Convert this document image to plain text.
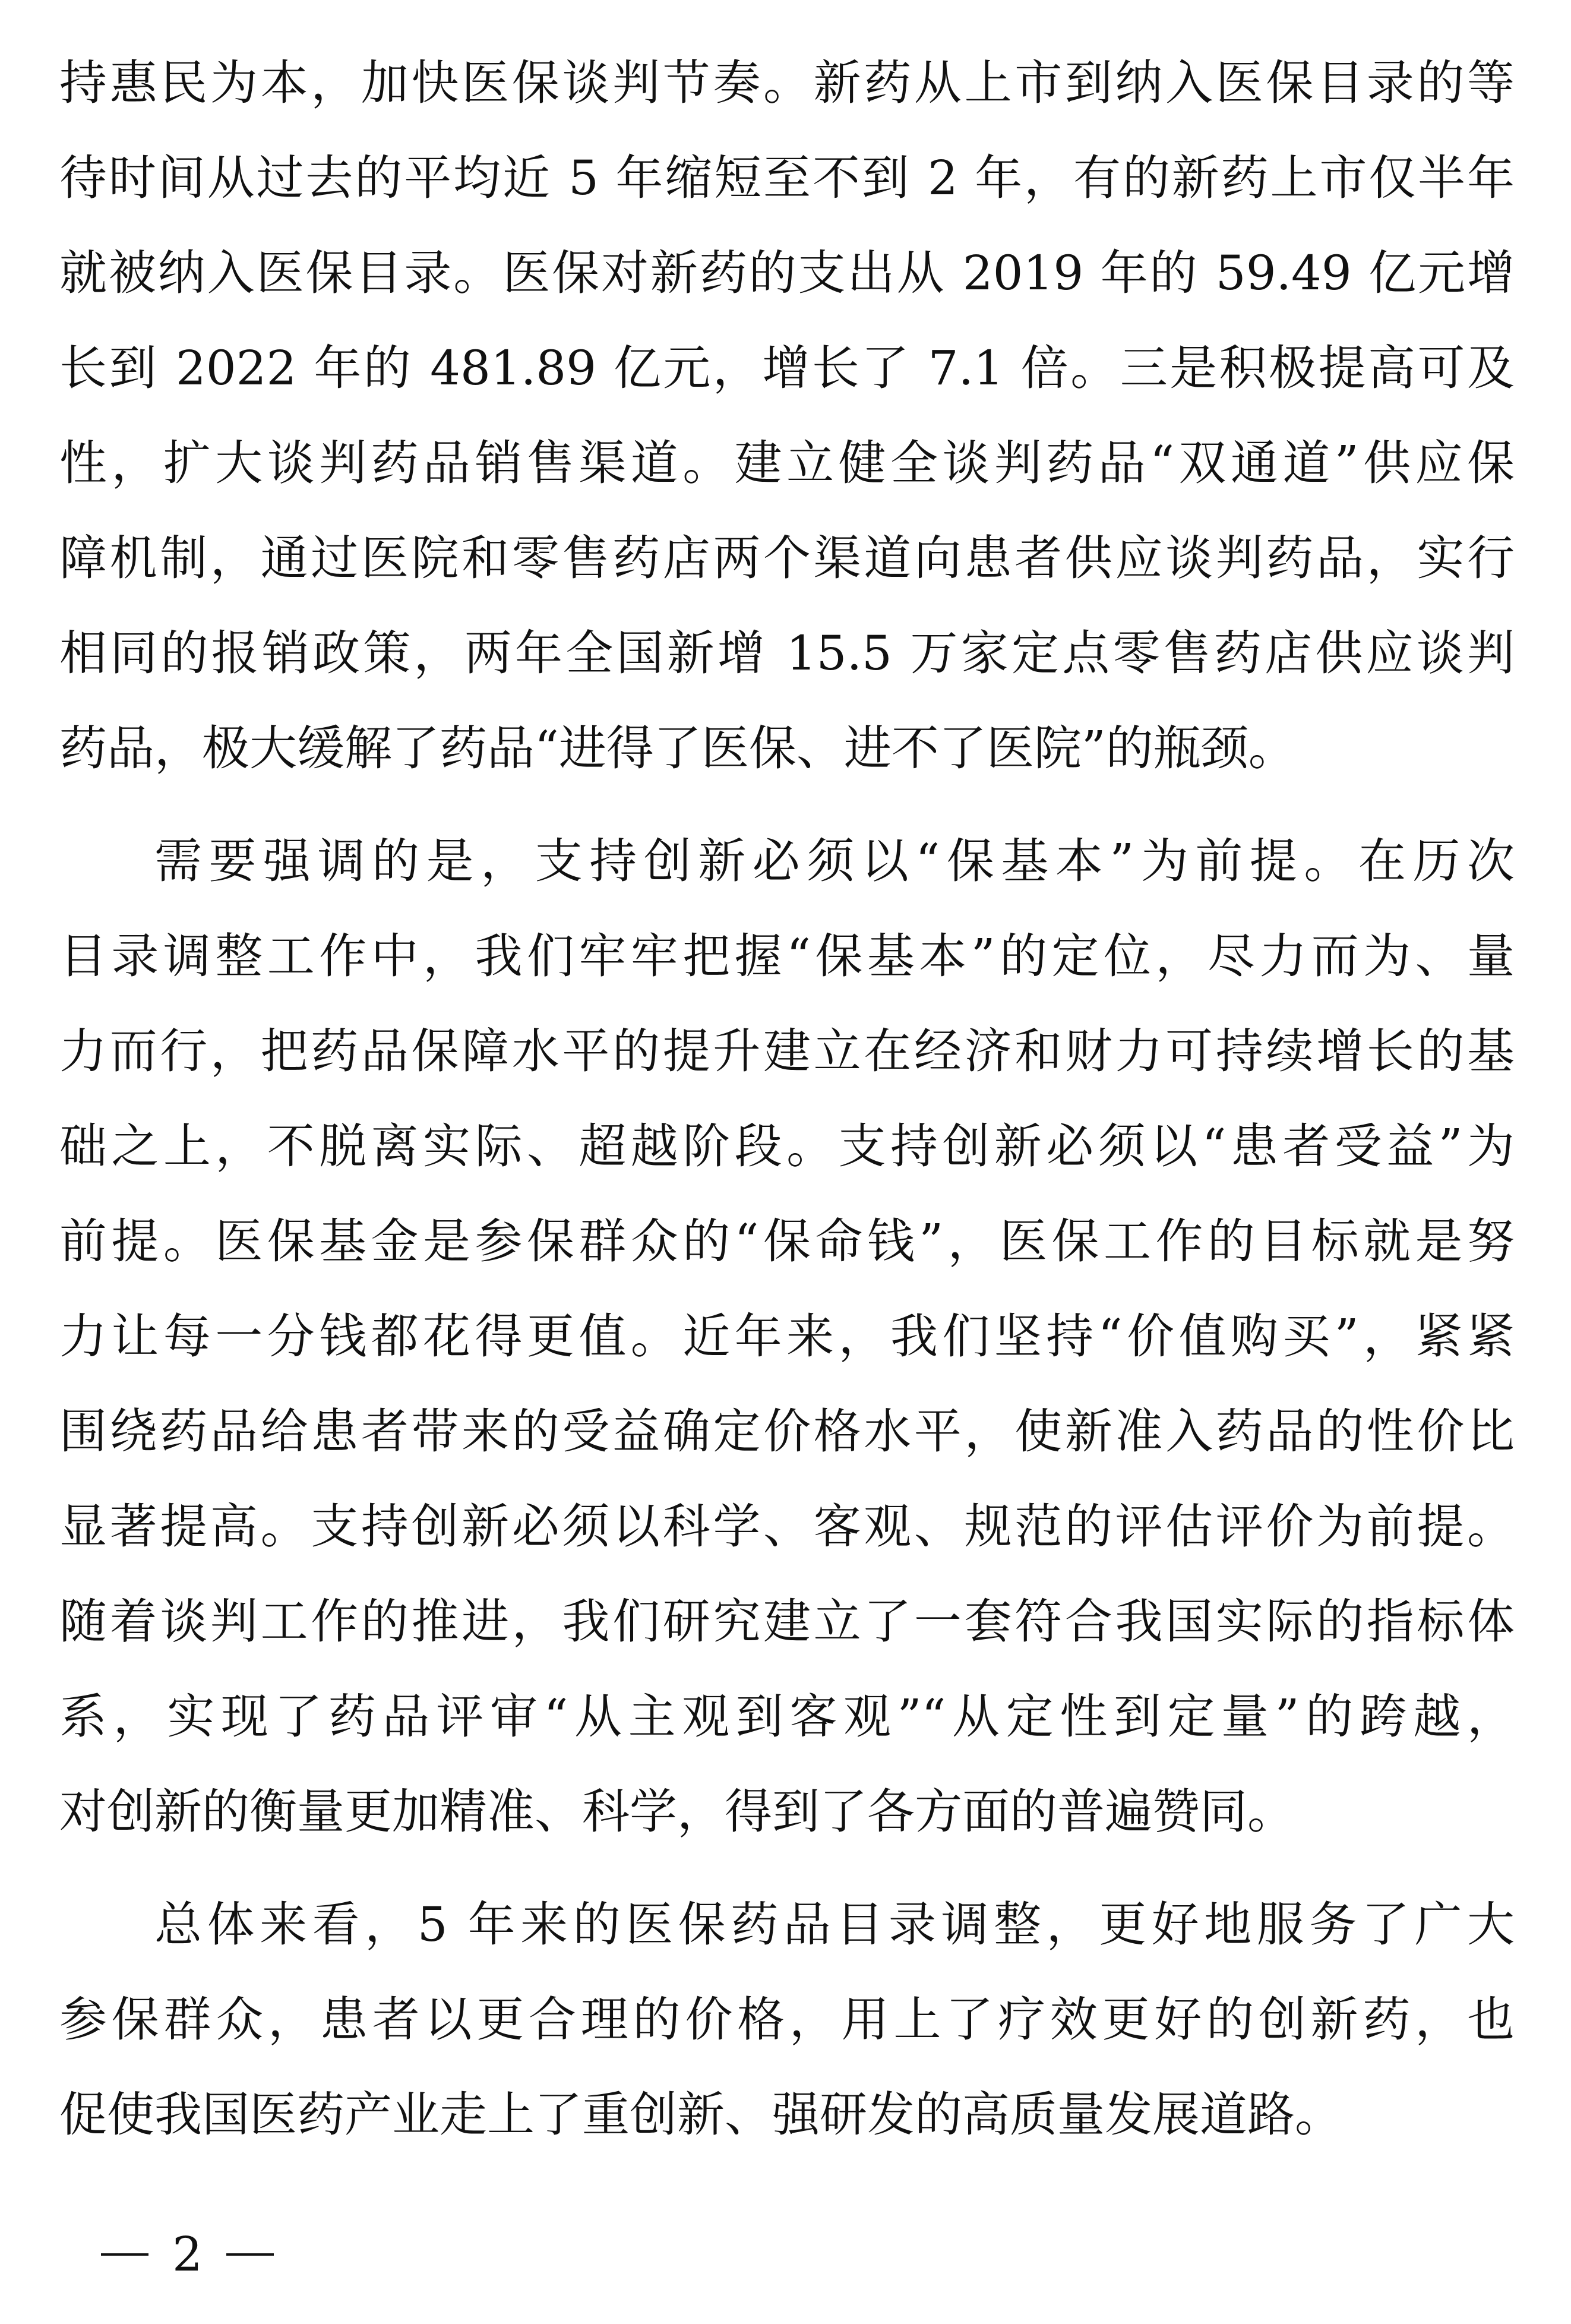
持惠民为本，加快医保谈判节奏。新药从上市到纳入医保目录的等
待时间从过去的平均近 5 年缩短至不到 2 年，有的新药上市仅半年
就被纳入医保目录。医保对新药的支出从 2019 年的 59.49 亿元增
长到 2022 年的 481.89 亿元，增长了 7.1 倍。三是积极提高可及
性，扩大谈判药品销售渠道。建立健全谈判药品“双通道”供应保
障机制，通过医院和零售药店两个渠道向患者供应谈判药品，实行
相同的报销政策，两年全国新增 15.5 万家定点零售药店供应谈判
药品，极大缓解了药品“进得了医保、进不了医院”的瓶颈。
需要强调的是，支持创新必须以“保基本”为前提。在历次
目录调整工作中，我们牢牢把握“保基本”的定位，尽力而为、量
力而行，把药品保障水平的提升建立在经济和财力可持续增长的基
础之上，不脱离实际、超越阶段。支持创新必须以“患者受益”为
前提。医保基金是参保群众的“保命钱”，医保工作的目标就是努
力让每一分钱都花得更值。近年来，我们坚持“价值购买”，紧紧
围绕药品给患者带来的受益确定价格水平，使新准入药品的性价比
显著提高。支持创新必须以科学、客观、规范的评估评价为前提。
随着谈判工作的推进，我们研究建立了一套符合我国实际的指标体
系，实现了药品评审“从主观到客观”“从定性到定量”的跨越，
对创新的衡量更加精准、科学，得到了各方面的普遍赞同。
总体来看，5 年来的医保药品目录调整，更好地服务了广大
参保群众，患者以更合理的价格，用上了疗效更好的创新药，也
促使我国医药产业走上了重创新、强研发的高质量发展道路。
2
